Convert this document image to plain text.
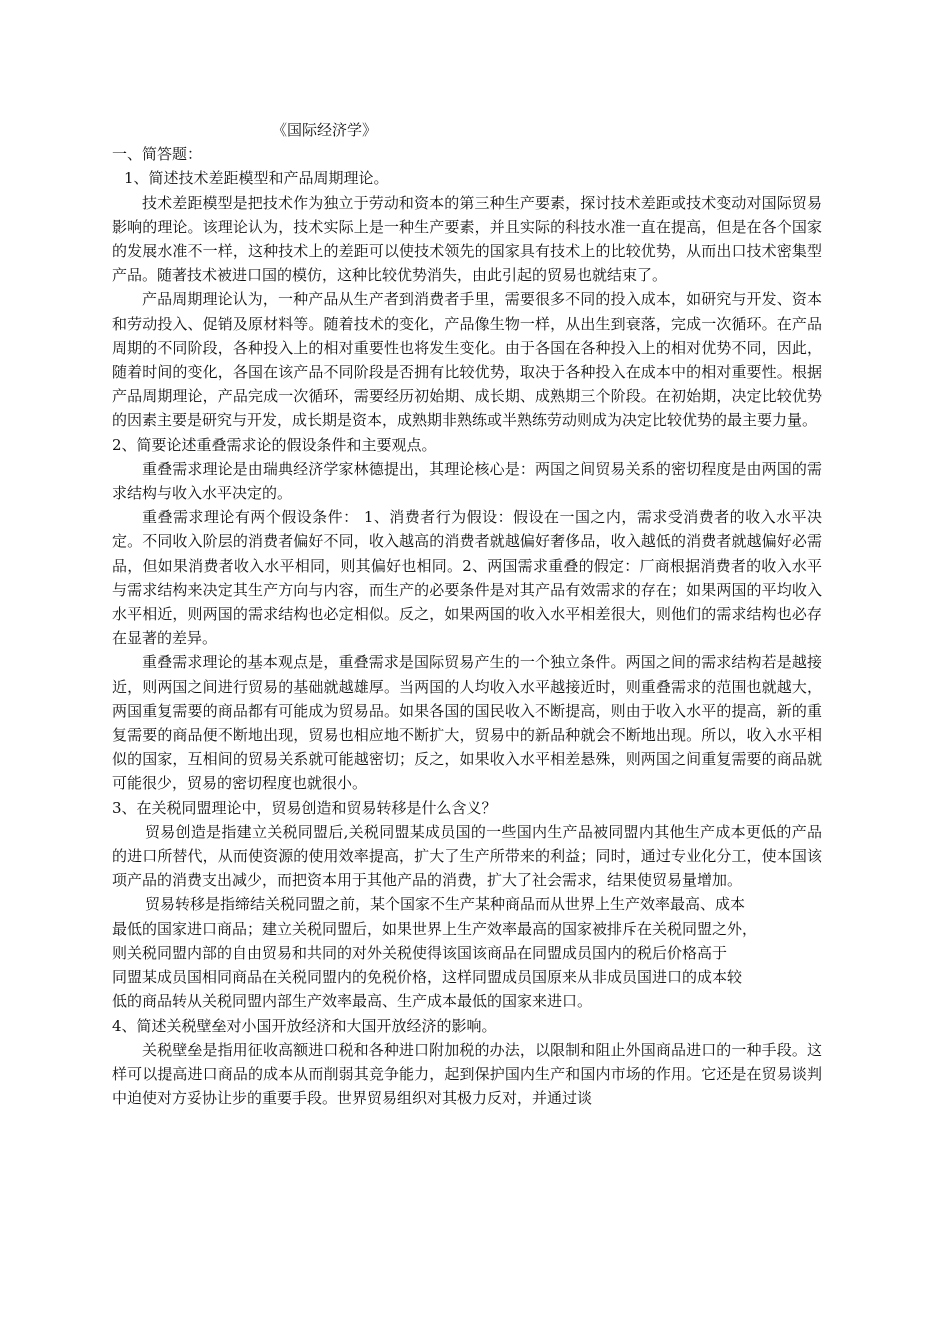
《国际经济学》
一、简答题：
1、简述技术差距模型和产品周期理论。

技术差距模型是把技术作为独立于劳动和资本的第三种生产要素，探讨技术差距或技术变动对国际贸易影响的理论。该理论认为，技术实际上是一种生产要素，并且实际的科技水准一直在提高，但是在各个国家的发展水准不一样，这种技术上的差距可以使技术领先的国家具有技术上的比较优势，从而出口技术密集型产品。随著技术被进口国的模仿，这种比较优势消失，由此引起的贸易也就结束了。

产品周期理论认为，一种产品从生产者到消费者手里，需要很多不同的投入成本，如研究与开发、资本和劳动投入、促销及原材料等。随着技术的变化，产品像生物一样，从出生到衰落，完成一次循环。在产品周期的不同阶段，各种投入上的相对重要性也将发生变化。由于各国在各种投入上的相对优势不同，因此，随着时间的变化，各国在该产品不同阶段是否拥有比较优势，取决于各种投入在成本中的相对重要性。根据产品周期理论，产品完成一次循环，需要经历初始期、成长期、成熟期三个阶段。在初始期，决定比较优势的因素主要是研究与开发，成长期是资本，成熟期非熟练或半熟练劳动则成为决定比较优势的最主要力量。

2、简要论述重叠需求论的假设条件和主要观点。

重叠需求理论是由瑞典经济学家林德提出，其理论核心是：两国之间贸易关系的密切程度是由两国的需求结构与收入水平决定的。

重叠需求理论有两个假设条件： 1、消费者行为假设：假设在一国之内，需求受消费者的收入水平决定。不同收入阶层的消费者偏好不同，收入越高的消费者就越偏好奢侈品，收入越低的消费者就越偏好必需品，但如果消费者收入水平相同，则其偏好也相同。2、两国需求重叠的假定：厂商根据消费者的收入水平与需求结构来决定其生产方向与内容，而生产的必要条件是对其产品有效需求的存在；如果两国的平均收入水平相近，则两国的需求结构也必定相似。反之，如果两国的收入水平相差很大，则他们的需求结构也必存在显著的差异。

重叠需求理论的基本观点是，重叠需求是国际贸易产生的一个独立条件。两国之间的需求结构若是越接近，则两国之间进行贸易的基础就越雄厚。当两国的人均收入水平越接近时，则重叠需求的范围也就越大，两国重复需要的商品都有可能成为贸易品。如果各国的国民收入不断提高，则由于收入水平的提高，新的重复需要的商品便不断地出现，贸易也相应地不断扩大，贸易中的新品种就会不断地出现。所以，收入水平相似的国家，互相间的贸易关系就可能越密切；反之，如果收入水平相差悬殊，则两国之间重复需要的商品就可能很少，贸易的密切程度也就很小。

3、在关税同盟理论中，贸易创造和贸易转移是什么含义？

贸易创造是指建立关税同盟后,关税同盟某成员国的一些国内生产品被同盟内其他生产成本更低的产品的进口所替代，从而使资源的使用效率提高，扩大了生产所带来的利益；同时，通过专业化分工，使本国该项产品的消费支出减少，而把资本用于其他产品的消费，扩大了社会需求，结果使贸易量增加。

贸易转移是指缔结关税同盟之前，某个国家不生产某种商品而从世界上生产效率最高、成本
最低的国家进口商品；建立关税同盟后，如果世界上生产效率最高的国家被排斥在关税同盟之外，
则关税同盟内部的自由贸易和共同的对外关税使得该国该商品在同盟成员国内的税后价格高于
同盟某成员国相同商品在关税同盟内的免税价格，这样同盟成员国原来从非成员国进口的成本较
低的商品转从关税同盟内部生产效率最高、生产成本最低的国家来进口。

4、简述关税壁垒对小国开放经济和大国开放经济的影响。

关税壁垒是指用征收高额进口税和各种进口附加税的办法，以限制和阻止外国商品进口的一种手段。这样可以提高进口商品的成本从而削弱其竞争能力，起到保护国内生产和国内市场的作用。它还是在贸易谈判中迫使对方妥协让步的重要手段。世界贸易组织对其极力反对，并通过谈
